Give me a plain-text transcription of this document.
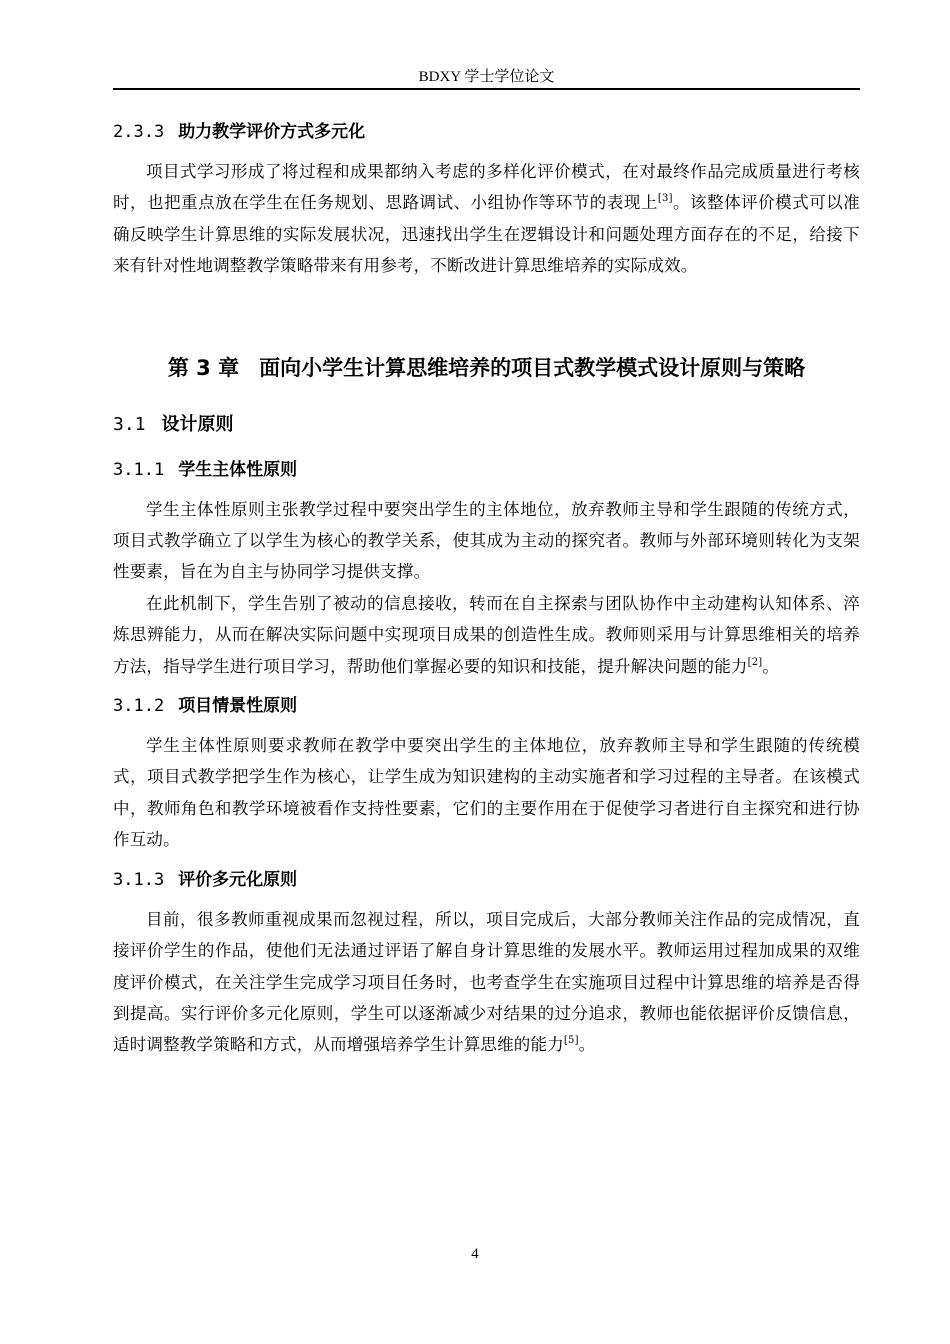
BDXY 学士学位论文
2.3.3 助力教学评价方式多元化

项目式学习形成了将过程和成果都纳入考虑的多样化评价模式，在对最终作品完成质量进行考核时，也把重点放在学生在任务规划、思路调试、小组协作等环节的表现上[3]。该整体评价模式可以准确反映学生计算思维的实际发展状况，迅速找出学生在逻辑设计和问题处理方面存在的不足，给接下来有针对性地调整教学策略带来有用参考，不断改进计算思维培养的实际成效。

第 3 章 面向小学生计算思维培养的项目式教学模式设计原则与策略
3.1 设计原则
3.1.1 学生主体性原则

学生主体性原则主张教学过程中要突出学生的主体地位，放弃教师主导和学生跟随的传统方式，项目式教学确立了以学生为核心的教学关系，使其成为主动的探究者。教师与外部环境则转化为支架性要素，旨在为自主与协同学习提供支撑。

在此机制下，学生告别了被动的信息接收，转而在自主探索与团队协作中主动建构认知体系、淬炼思辨能力，从而在解决实际问题中实现项目成果的创造性生成。教师则采用与计算思维相关的培养方法，指导学生进行项目学习，帮助他们掌握必要的知识和技能，提升解决问题的能力[2]。

3.1.2 项目情景性原则

学生主体性原则要求教师在教学中要突出学生的主体地位，放弃教师主导和学生跟随的传统模式，项目式教学把学生作为核心，让学生成为知识建构的主动实施者和学习过程的主导者。在该模式中，教师角色和教学环境被看作支持性要素，它们的主要作用在于促使学习者进行自主探究和进行协作互动。

3.1.3 评价多元化原则

目前，很多教师重视成果而忽视过程，所以，项目完成后，大部分教师关注作品的完成情况，直接评价学生的作品，使他们无法通过评语了解自身计算思维的发展水平。教师运用过程加成果的双维度评价模式，在关注学生完成学习项目任务时，也考查学生在实施项目过程中计算思维的培养是否得到提高。实行评价多元化原则，学生可以逐渐减少对结果的过分追求，教师也能依据评价反馈信息，适时调整教学策略和方式，从而增强培养学生计算思维的能力[5]。

4
